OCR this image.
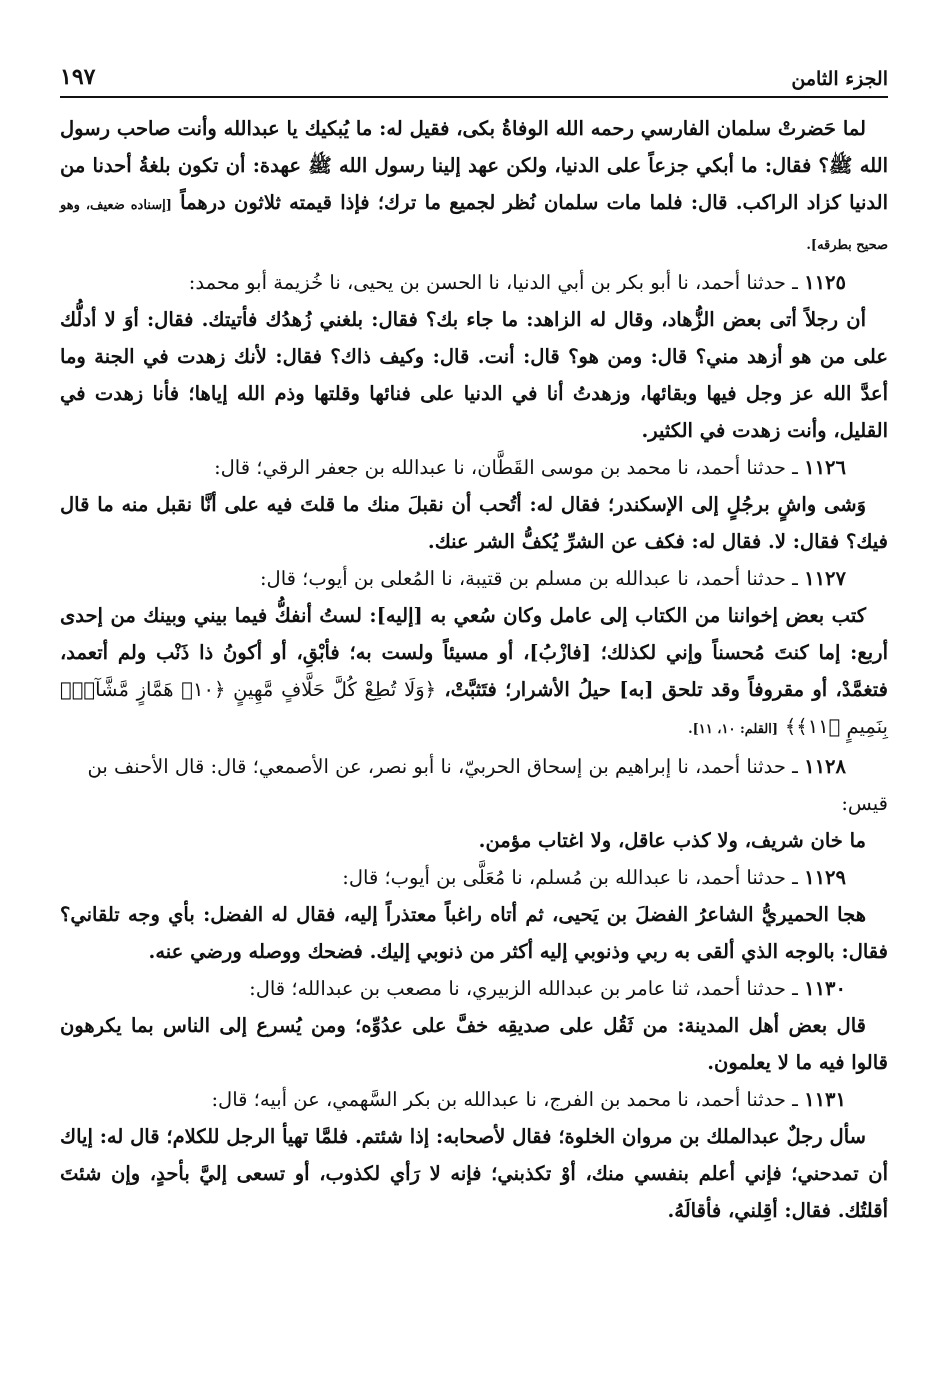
الجزء الثامن
١٩٧

لما حَضرتْ سلمان الفارسي رحمه الله الوفاةُ بكى، فقيل له: ما يُبكيك يا عبدالله وأنت صاحب رسول الله ﷺ؟ فقال: ما أبكي جزعاً على الدنيا، ولكن عهد إلينا رسول الله ﷺ عهدة: أن تكون بلغةُ أحدنا من الدنيا كزاد الراكب. قال: فلما مات سلمان نُظر لجميع ما ترك؛ فإذا قيمته ثلاثون درهماً [إسناده ضعيف، وهو صحيح بطرقه].

١١٢٥ ـ حدثنا أحمد، نا أبو بكر بن أبي الدنيا، نا الحسن بن يحيى، نا خُزيمة أبو محمد:

أن رجلاً أتى بعض الزُّهاد، وقال له الزاهد: ما جاء بك؟ فقال: بلغني زُهدُك فأتيتك. فقال: أوَ لا أدلُّك على من هو أزهد مني؟ قال: ومن هو؟ قال: أنت. قال: وكيف ذاك؟ فقال: لأنك زهدت في الجنة وما أعدَّ الله عز وجل فيها وبقائها، وزهدتُ أنا في الدنيا على فنائها وقلتها وذم الله إياها؛ فأنا زهدت في القليل، وأنت زهدت في الكثير.

١١٢٦ ـ حدثنا أحمد، نا محمد بن موسى القَطَّان، نا عبدالله بن جعفر الرقي؛ قال:

وَشى واشٍ برجُلٍ إلى الإسكندر؛ فقال له: أتُحب أن نقبلَ منك ما قلتَ فيه على أنَّا نقبل منه ما قال فيك؟ فقال: لا. فقال له: فكف عن الشرِّ يُكفُّ الشر عنك.

١١٢٧ ـ حدثنا أحمد، نا عبدالله بن مسلم بن قتيبة، نا المُعلى بن أيوب؛ قال:

كتب بعض إخواننا من الكتاب إلى عامل وكان سُعي به [إليه]: لستُ أنفكُّ فيما بيني وبينك من إحدى أربع: إما كنتَ مُحسناً وإني لكذلك؛ [فازْبُ]، أو مسيئاً ولست به؛ فأبْقِ، أو أكونُ ذا ذَنْب ولم أتعمد، فتغمَّدْ، أو مقروفاً وقد تلحق [به] حيلُ الأشرار؛ فتَثبَّتْ، ﴿وَلَا تُطِعْ كُلَّ حَلَّافٍ مَّهِينٍ ﴿١٠﴾ هَمَّازٍ مَّشَّآءِۭ بِنَمِيمٍ ﴿١١﴾﴾ [القلم: ١٠، ١١].

١١٢٨ ـ حدثنا أحمد، نا إبراهيم بن إسحاق الحربيّ، نا أبو نصر، عن الأصمعي؛ قال: قال الأحنف بن قيس:

ما خان شريف، ولا كذب عاقل، ولا اغتاب مؤمن.

١١٢٩ ـ حدثنا أحمد، نا عبدالله بن مُسلم، نا مُعَلَّى بن أيوب؛ قال:

هجا الحميريُّ الشاعرُ الفضلَ بن يَحيى، ثم أتاه راغباً معتذراً إليه، فقال له الفضل: بأي وجه تلقاني؟ فقال: بالوجه الذي ألقى به ربي وذنوبي إليه أكثر من ذنوبي إليك. فضحك ووصله ورضي عنه.

١١٣٠ ـ حدثنا أحمد، ثنا عامر بن عبدالله الزبيري، نا مصعب بن عبدالله؛ قال:

قال بعض أهل المدينة: من ثَقُل على صديقِه خفَّ على عدُوِّه؛ ومن يُسرع إلى الناس بما يكرهون قالوا فيه ما لا يعلمون.

١١٣١ ـ حدثنا أحمد، نا محمد بن الفرج، نا عبدالله بن بكر السَّهمي، عن أبيه؛ قال:

سأل رجلٌ عبدالملك بن مروان الخلوة؛ فقال لأصحابه: إذا شئتم. فلمَّا تهيأ الرجل للكلام؛ قال له: إياك أن تمدحني؛ فإني أعلم بنفسي منك، أوْ تكذبني؛ فإنه لا رَأي لكذوب، أو تسعى إليَّ بأحدٍ، وإن شئتَ أقلتُك. فقال: أقِلني، فأقالَهُ.
